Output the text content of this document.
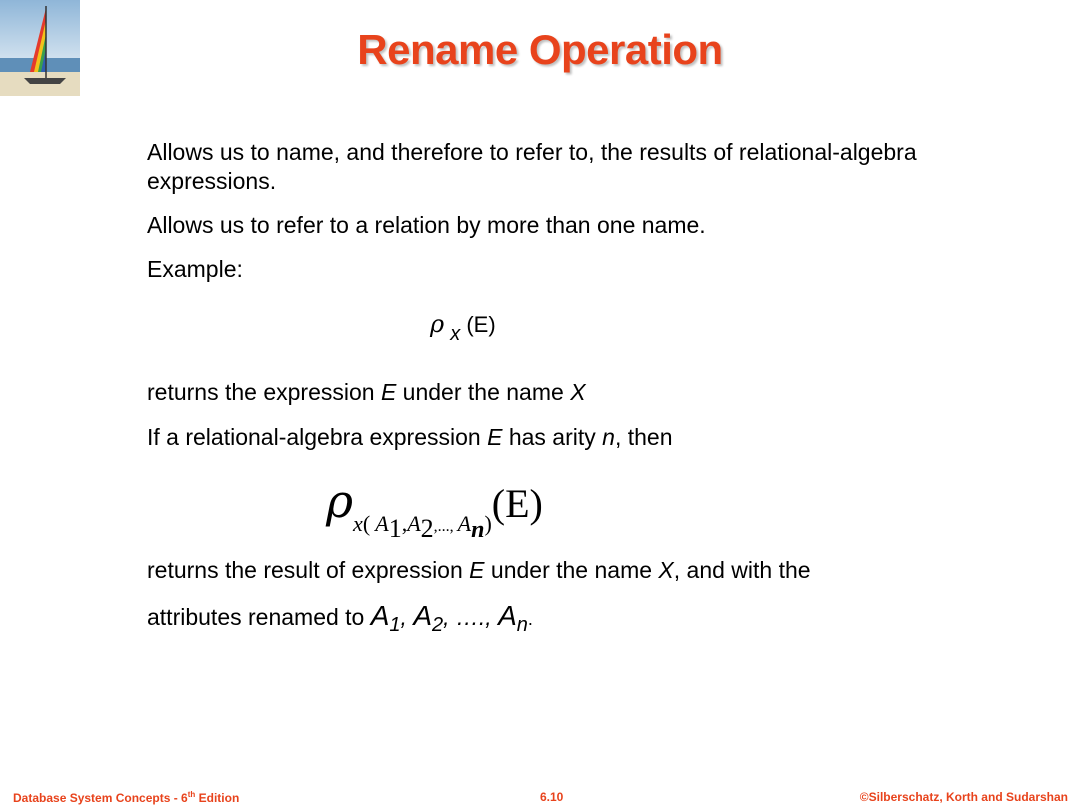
Rename Operation
Allows us to name, and therefore to refer to, the results of relational-algebra expressions.
Allows us to refer to a relation by more than one name.
Example:
ρ x (E)
returns the expression E under the name X
If a relational-algebra expression E has arity n, then
ρx( A1,A2,..., An)(E)
returns the result of expression E under the name X, and with the
attributes renamed to A1, A2, …., An.
Database System Concepts - 6th Edition	6.10	©Silberschatz, Korth and Sudarshan
